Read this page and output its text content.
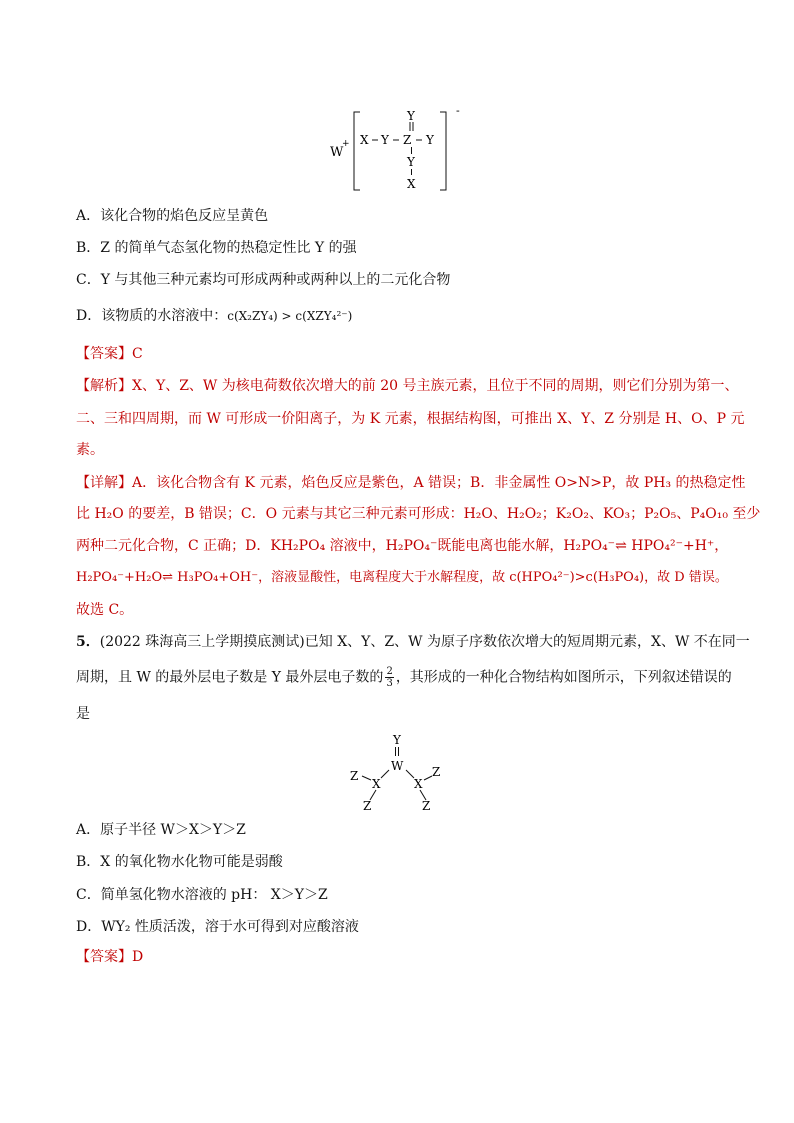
W
+
-
X Y Z Y
Y
Y
X
A．该化合物的焰色反应呈黄色
B．Z 的简单气态氢化物的热稳定性比 Y 的强
C．Y 与其他三种元素均可形成两种或两种以上的二元化合物
D．该物质的水溶液中：c(X₂ZY₄) > c(XZY₄²⁻)
【答案】C
【解析】X、Y、Z、W 为核电荷数依次增大的前 20 号主族元素，且位于不同的周期，则它们分别为第一、
二、三和四周期，而 W 可形成一价阳离子，为 K 元素，根据结构图，可推出 X、Y、Z 分别是 H、O、P 元
素。
【详解】A．该化合物含有 K 元素，焰色反应是紫色，A 错误；B．非金属性 O>N>P，故 PH₃ 的热稳定性
比 H₂O 的要差，B 错误；C．O 元素与其它三种元素可形成：H₂O、H₂O₂；K₂O₂、KO₃；P₂O₅、P₄O₁₀ 至少
两种二元化合物，C 正确；D．KH₂PO₄ 溶液中，H₂PO₄⁻既能电离也能水解，H₂PO₄⁻⇌ HPO₄²⁻+H⁺，
H₂PO₄⁻+H₂O⇌ H₃PO₄+OH⁻，溶液显酸性，电离程度大于水解程度，故 c(HPO₄²⁻)>c(H₃PO₄)，故 D 错误。
故选 C。
5．(2022 珠海高三上学期摸底测试)已知 X、Y、Z、W 为原子序数依次增大的短周期元素，X、W 不在同一
周期，且 W 的最外层电子数是 Y 最外层电子数的 $\frac{2}{3}$ ，其形成的一种化合物结构如图所示，下列叙述错误的
是
Y
W
X	X
Z
Z
Z
Z
A．原子半径 W＞X＞Y＞Z
B．X 的氧化物水化物可能是弱酸
C．简单氢化物水溶液的 pH： X＞Y＞Z
D．WY₂ 性质活泼，溶于水可得到对应酸溶液
【答案】D
